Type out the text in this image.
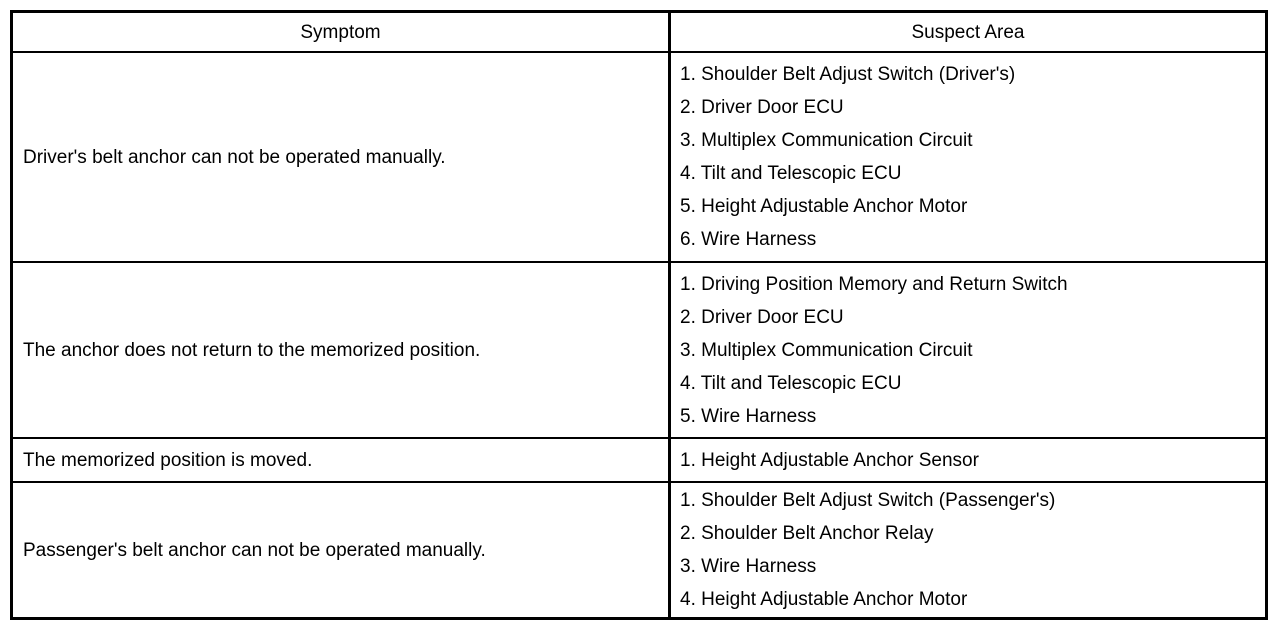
Symptom	Suspect Area
Driver's belt anchor can not be operated manually.
1. Shoulder Belt Adjust Switch (Driver's)
2. Driver Door ECU
3. Multiplex Communication Circuit
4. Tilt and Telescopic ECU
5. Height Adjustable Anchor Motor
6. Wire Harness
The anchor does not return to the memorized position.
1. Driving Position Memory and Return Switch
2. Driver Door ECU
3. Multiplex Communication Circuit
4. Tilt and Telescopic ECU
5. Wire Harness
The memorized position is moved.	1. Height Adjustable Anchor Sensor
Passenger's belt anchor can not be operated manually.
1. Shoulder Belt Adjust Switch (Passenger's)
2. Shoulder Belt Anchor Relay
3. Wire Harness
4. Height Adjustable Anchor Motor
